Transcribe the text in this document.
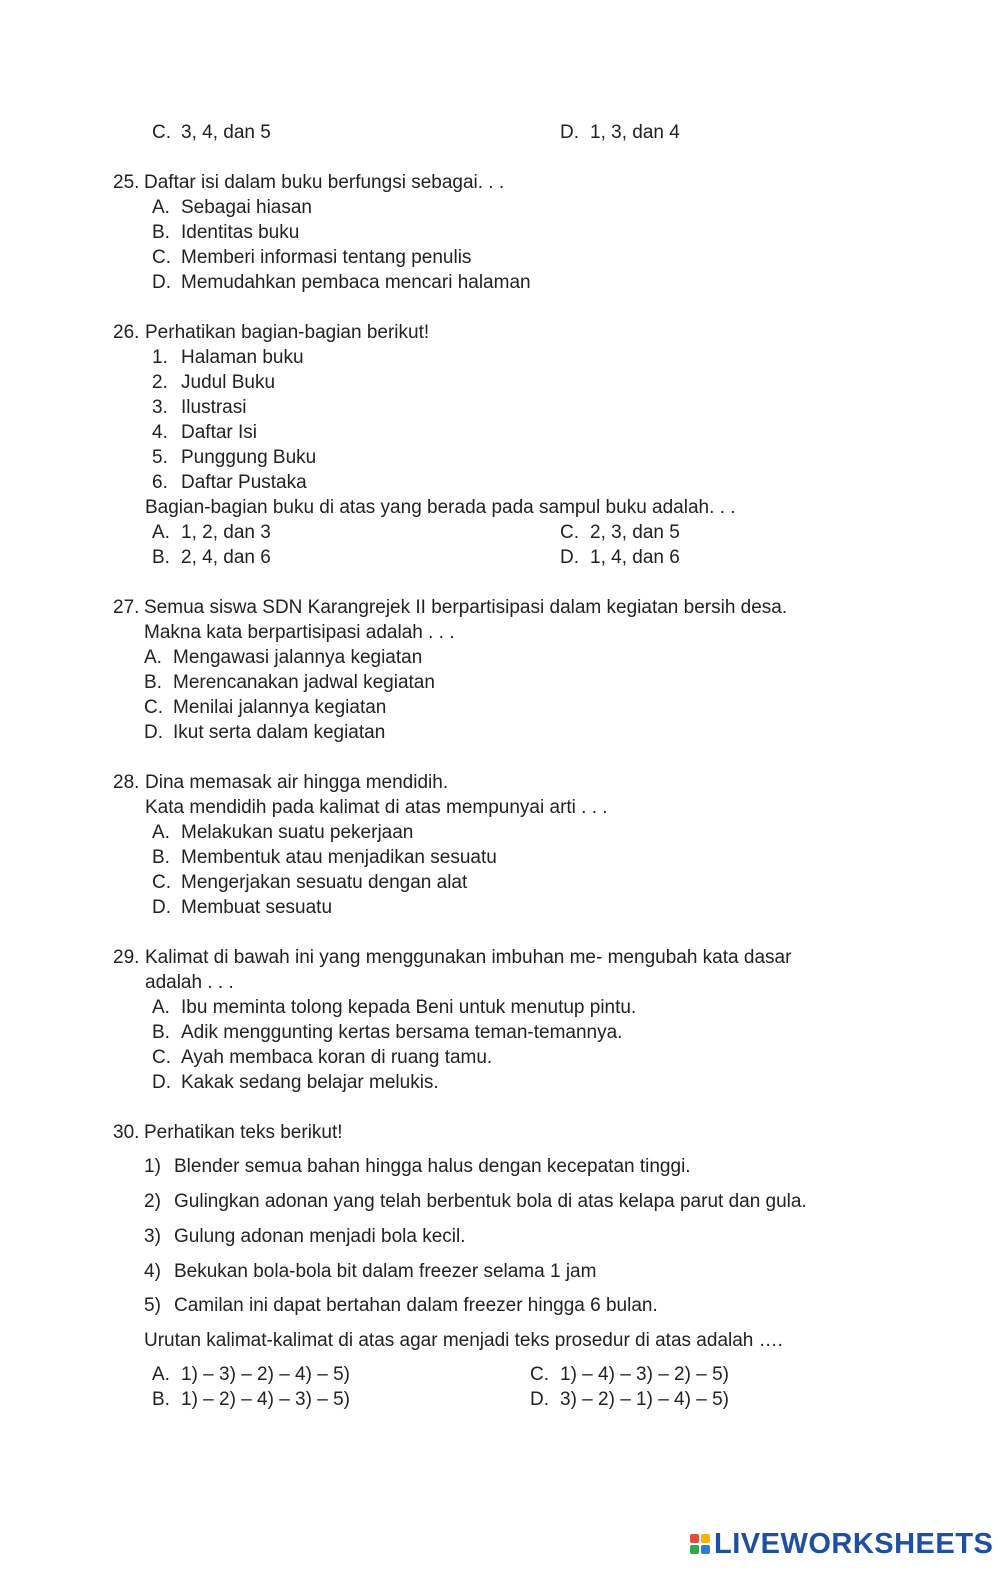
C. 3, 4, dan 5	D. 1, 3, dan 4
25. Daftar isi dalam buku berfungsi sebagai. . .
A. Sebagai hiasan
B. Identitas buku
C. Memberi informasi tentang penulis
D. Memudahkan pembaca mencari halaman
26. Perhatikan bagian-bagian berikut!
1. Halaman buku
2. Judul Buku
3. Ilustrasi
4. Daftar Isi
5. Punggung Buku
6. Daftar Pustaka
Bagian-bagian buku di atas yang berada pada sampul buku adalah. . .
A. 1, 2, dan 3	C. 2, 3, dan 5
B. 2, 4, dan 6	D. 1, 4, dan 6
27. Semua siswa SDN Karangrejek II berpartisipasi dalam kegiatan bersih desa.
Makna kata berpartisipasi adalah . . .
A. Mengawasi jalannya kegiatan
B. Merencanakan jadwal kegiatan
C. Menilai jalannya kegiatan
D. Ikut serta dalam kegiatan
28. Dina memasak air hingga mendidih.
Kata mendidih pada kalimat di atas mempunyai arti . . .
A. Melakukan suatu pekerjaan
B. Membentuk atau menjadikan sesuatu
C. Mengerjakan sesuatu dengan alat
D. Membuat sesuatu
29. Kalimat di bawah ini yang menggunakan imbuhan me- mengubah kata dasar
adalah . . .
A. Ibu meminta tolong kepada Beni untuk menutup pintu.
B. Adik menggunting kertas bersama teman-temannya.
C. Ayah membaca koran di ruang tamu.
D. Kakak sedang belajar melukis.
30. Perhatikan teks berikut!
1) Blender semua bahan hingga halus dengan kecepatan tinggi.
2) Gulingkan adonan yang telah berbentuk bola di atas kelapa parut dan gula.
3) Gulung adonan menjadi bola kecil.
4) Bekukan bola-bola bit dalam freezer selama 1 jam
5) Camilan ini dapat bertahan dalam freezer hingga 6 bulan.
Urutan kalimat-kalimat di atas agar menjadi teks prosedur di atas adalah ….
A. 1) – 3) – 2) – 4) – 5)	C. 1) – 4) – 3) – 2) – 5)
B. 1) – 2) – 4) – 3) – 5)	D. 3) – 2) – 1) – 4) – 5)
LIVEWORKSHEETS
